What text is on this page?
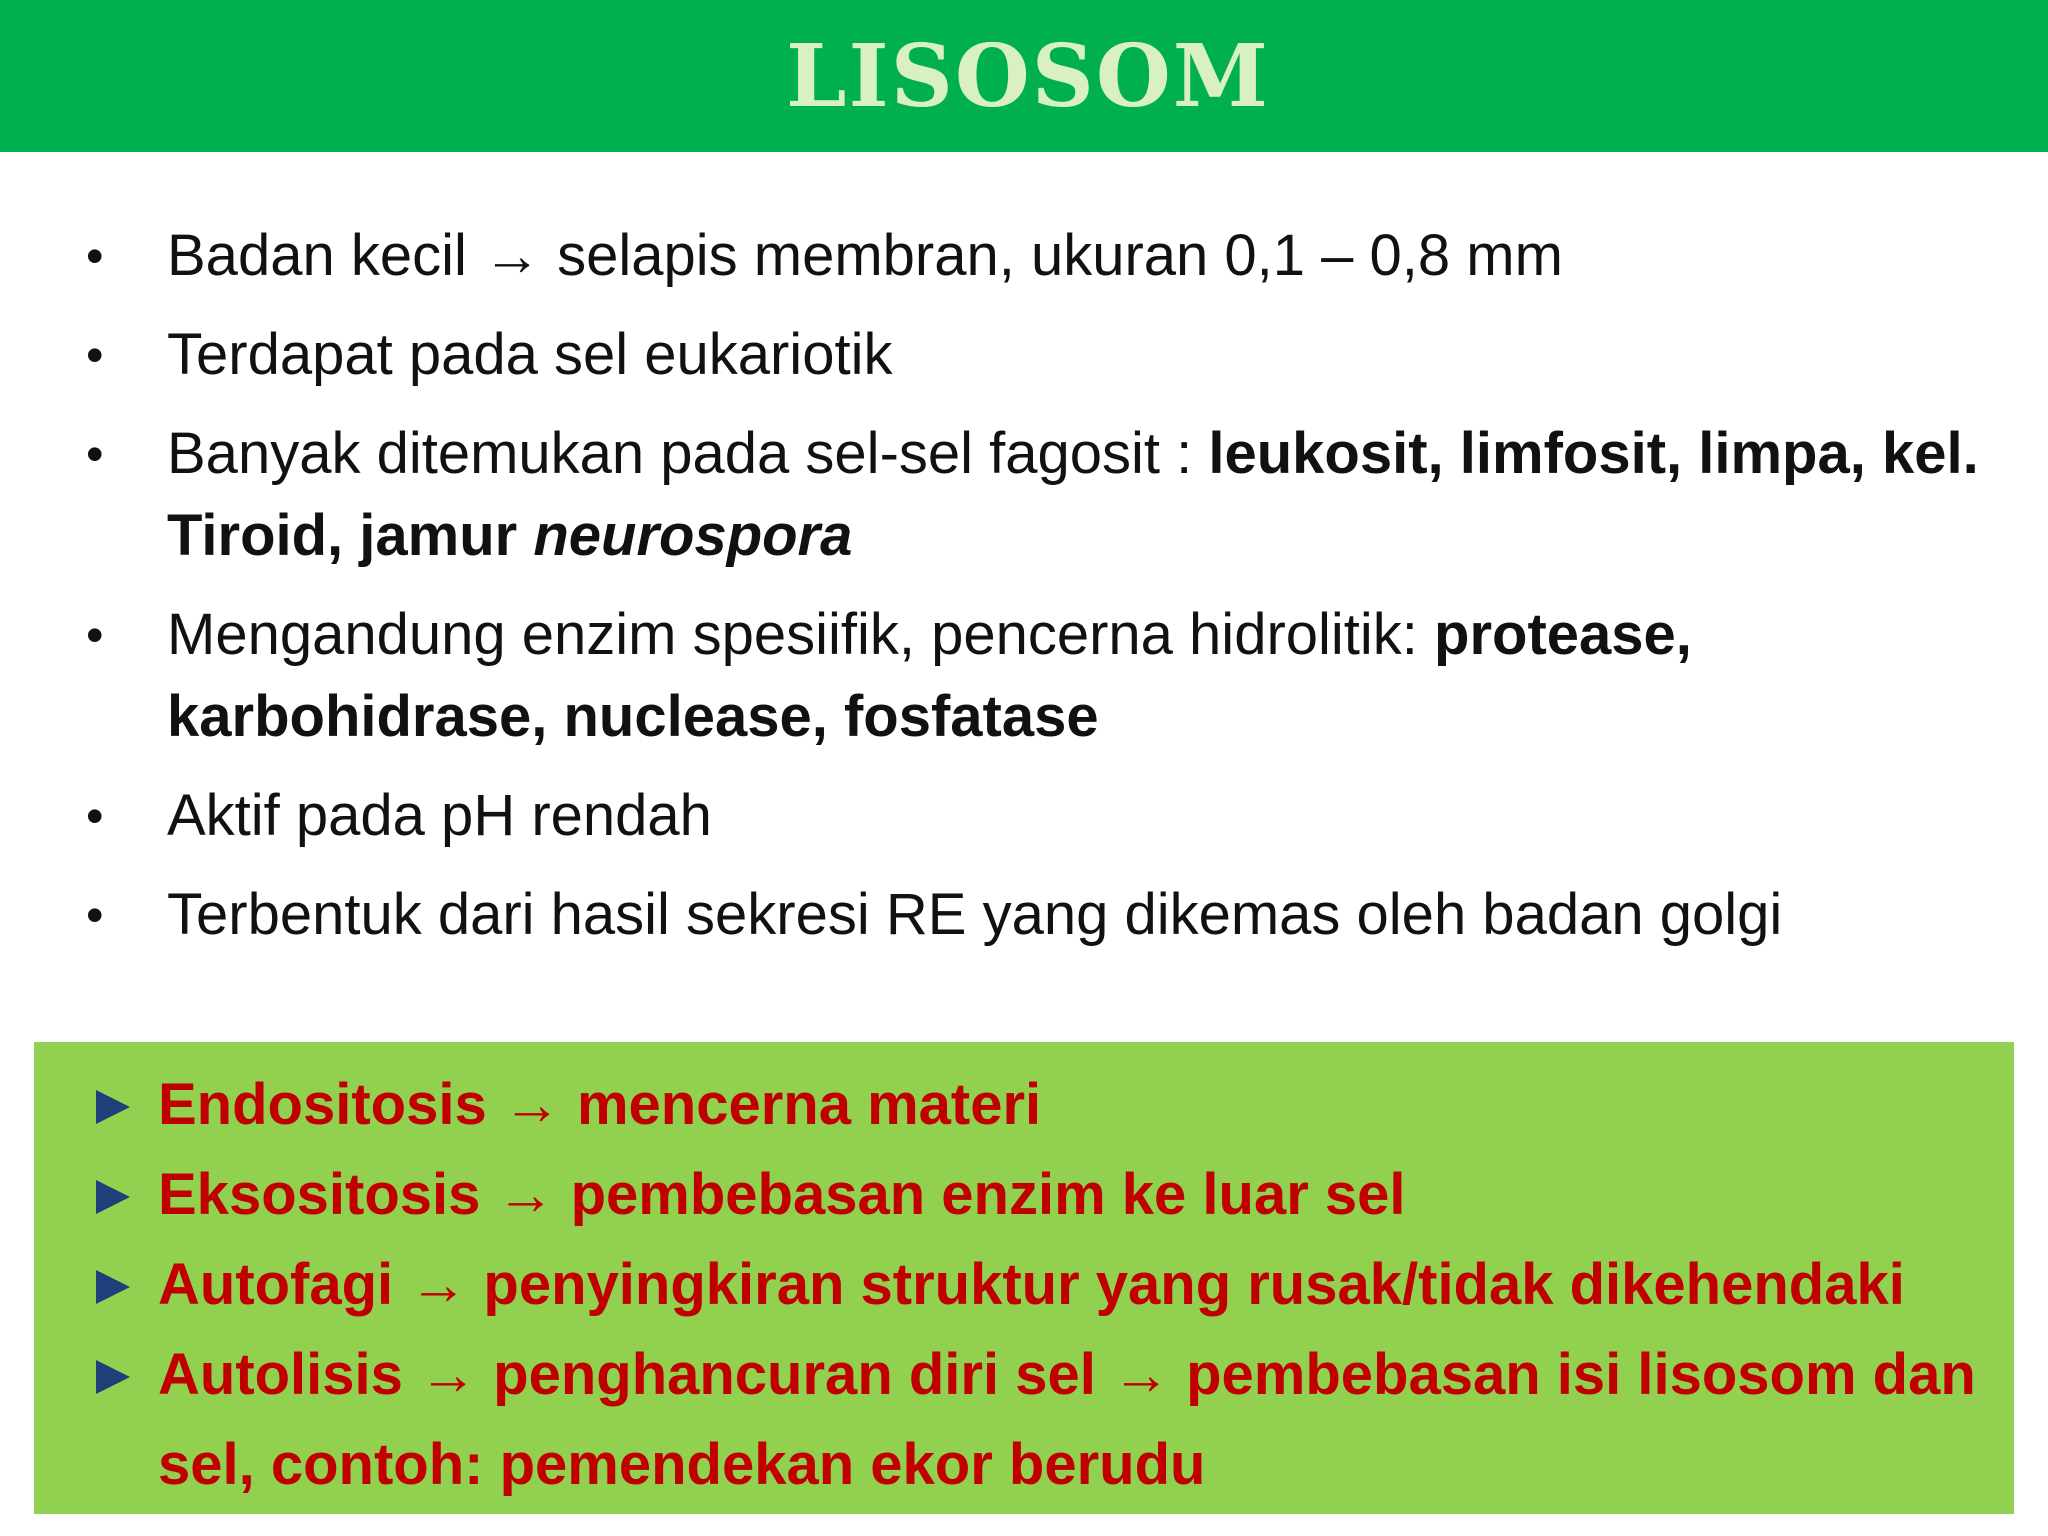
LISOSOM
• Badan kecil → selapis membran, ukuran 0,1 – 0,8 mm
• Terdapat pada sel eukariotik
• Banyak ditemukan pada sel-sel fagosit : leukosit, limfosit, limpa, kel. Tiroid, jamur neurospora
• Mengandung enzim spesiifik, pencerna hidrolitik: protease, karbohidrase, nuclease, fosfatase
• Aktif pada pH rendah
• Terbentuk dari hasil sekresi RE yang dikemas oleh badan golgi
Endositosis → mencerna materi
Eksositosis → pembebasan enzim ke luar sel
Autofagi → penyingkiran struktur yang rusak/tidak dikehendaki
Autolisis → penghancuran diri sel → pembebasan isi lisosom dan sel, contoh: pemendekan ekor berudu
